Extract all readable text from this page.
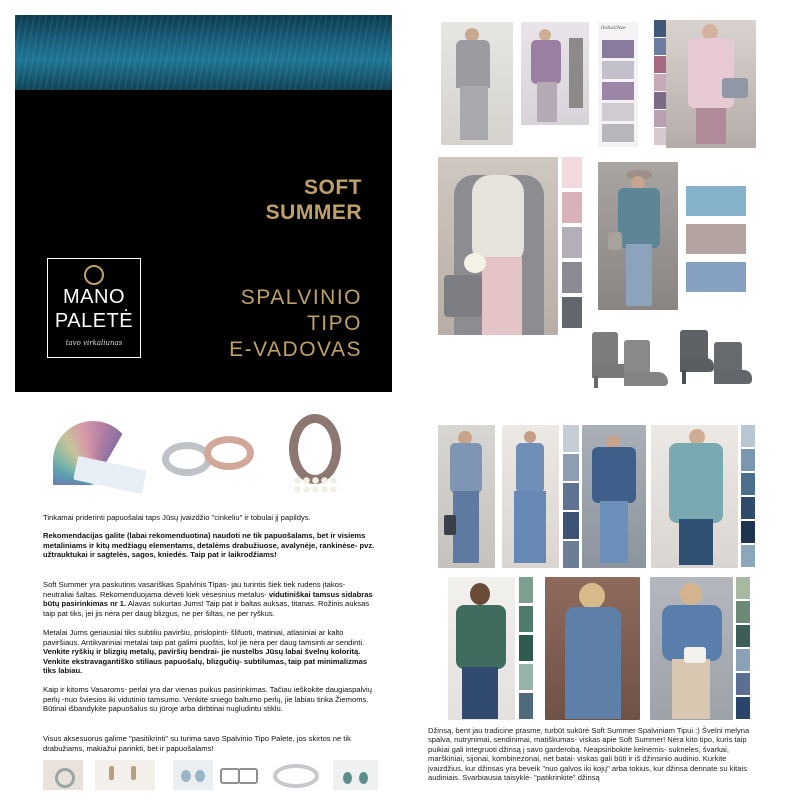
SOFT
SUMMER
SPALVINIO
TIPO
E-VADOVAS
MANO
PALETĖ
tavo virkaliunas
ilobal/Ave
Tinkamai priderinti papuošalai taps Jūsų įvaizdžio "cinkeliu" ir tobulai jį papildys.
Rekomendacijas galite (labai rekomenduotina) naudoti ne tik papuošalams, bet ir visiems metaliniams ir kitų medžiagų elementams, detalėms drabužiuose, avalynėje, rankinėse- pvz. užtrauktukai ir sagtelės, sagos, kniedės. Taip pat ir laikrodžiams!
Soft Summer yra paskutinis vasariškas Spalvinis Tipas- jau turintis šiek tiek rudens įtakos- neutraliai šaltas. Rekomenduojama dėvėti kiek vėsesnius metalus- vidutiniškai tamsus sidabras būtų pasirinkimas nr 1. Alavas sukurtas Jums! Taip pat ir baltas auksas, titanas. Rožinis auksas taip pat tiks, jei jis nėra per daug blizgus, ne per šiltas, ne per ryškus.
Metalai Jums geriausiai tiks subtiliu paviršiu, prislopinti- šlifuoti, matiniai, atlasiniai ar kalto paviršiaus. Antikvariniai metalai taip pat galimi puoštis, kol jie nėra per daug tamsinti ar sendinti. Venkite ryškių ir blizgių metalų, paviršių bendrai- jie nustelbs Jūsų labai švelnų koloritą. Venkite ekstravagantiško stiliaus papuošalų, blizgučių- subtilumas, taip pat minimalizmas tiks labiau.
Kaip ir kitoms Vasaroms- perlai yra dar vienas puikus pasirinkimas. Tačiau ieškokite daugiaspalvių perlų -nuo šviesios iki vidutinio tamsumo. Venkite sniego baltumo perlų, jie labiau tinka Žiemoms. Būtinai išbandykite papuošalus su jūroje arba dirbtinai nugludintu stiklu.
Visus aksesuorus galime "pasitikrinti" su turima savo Spalvinio Tipo Palete, jos skirtos ne tik drabužiams, makiažui parinkti, bet ir papuošalams!
Džinsą, bent jau tradicine prasme, turbūt sukūrė Soft Summer Spalviniam Tipui :) Švelni melyna spalva, nutrynimai, sendinimai, matiškumas- viskas apie Soft Summer! Nėra kito tipo, kuris taip puikiai gali integruoti džinsą į savo garderobą. Neapsiribokite kelnėmis- sukneles, švarkai, marškiniai, sijonai, kombinezonai, net batai- viskas gali būti ir iš džinsinio audinio. Kurkite įvaizdžius, kur džinsas yra beveik "nuo galvos iki kojų" arba tokius, kur džinsa derinate su kitais audiniais. Svarbiausia taisyklė- "patikrinkite" džinsą
